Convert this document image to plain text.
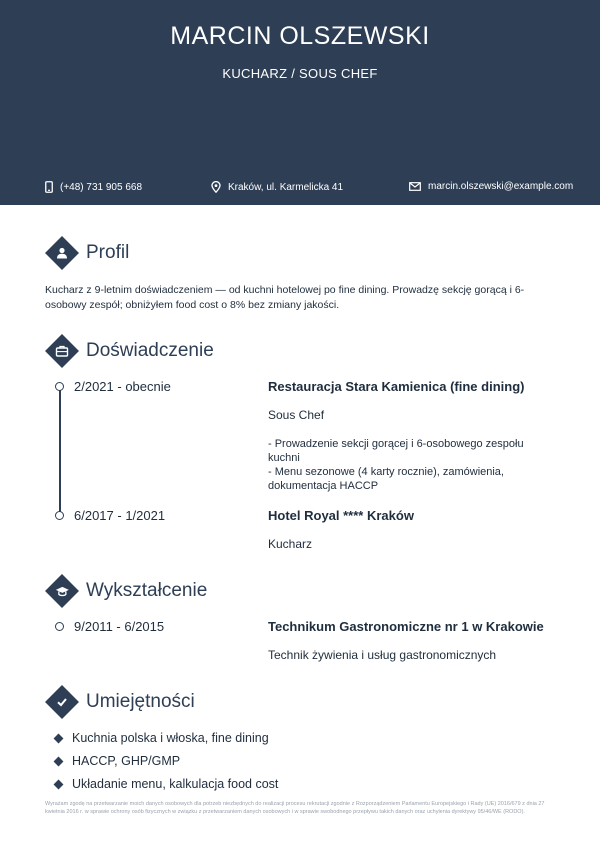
MARCIN OLSZEWSKI
KUCHARZ / SOUS CHEF
(+48) 731 905 668	Kraków, ul. Karmelicka 41	marcin.olszewski@example.com
Profil
Kucharz z 9-letnim doświadczeniem — od kuchni hotelowej po fine dining. Prowadzę sekcję gorącą i 6-osobowy zespół; obniżyłem food cost o 8% bez zmiany jakości.
Doświadczenie
2/2021 - obecnie	Restauracja Stara Kamienica (fine dining)
Sous Chef
- Prowadzenie sekcji gorącej i 6-osobowego zespołu kuchni
- Menu sezonowe (4 karty rocznie), zamówienia, dokumentacja HACCP
6/2017 - 1/2021	Hotel Royal **** Kraków
Kucharz
Wykształcenie
9/2011 - 6/2015	Technikum Gastronomiczne nr 1 w Krakowie
Technik żywienia i usług gastronomicznych
Umiejętności
Kuchnia polska i włoska, fine dining
HACCP, GHP/GMP
Układanie menu, kalkulacja food cost
Wyrażam zgodę na przetwarzanie moich danych osobowych dla potrzeb niezbędnych do realizacji procesu rekrutacji zgodnie z Rozporządzeniem Parlamentu Europejskiego i Rady (UE) 2016/679 z dnia 27 kwietnia 2016 r. w sprawie ochrony osób fizycznych w związku z przetwarzaniem danych osobowych i w sprawie swobodnego przepływu takich danych oraz uchylenia dyrektywy 95/46/WE (RODO).
